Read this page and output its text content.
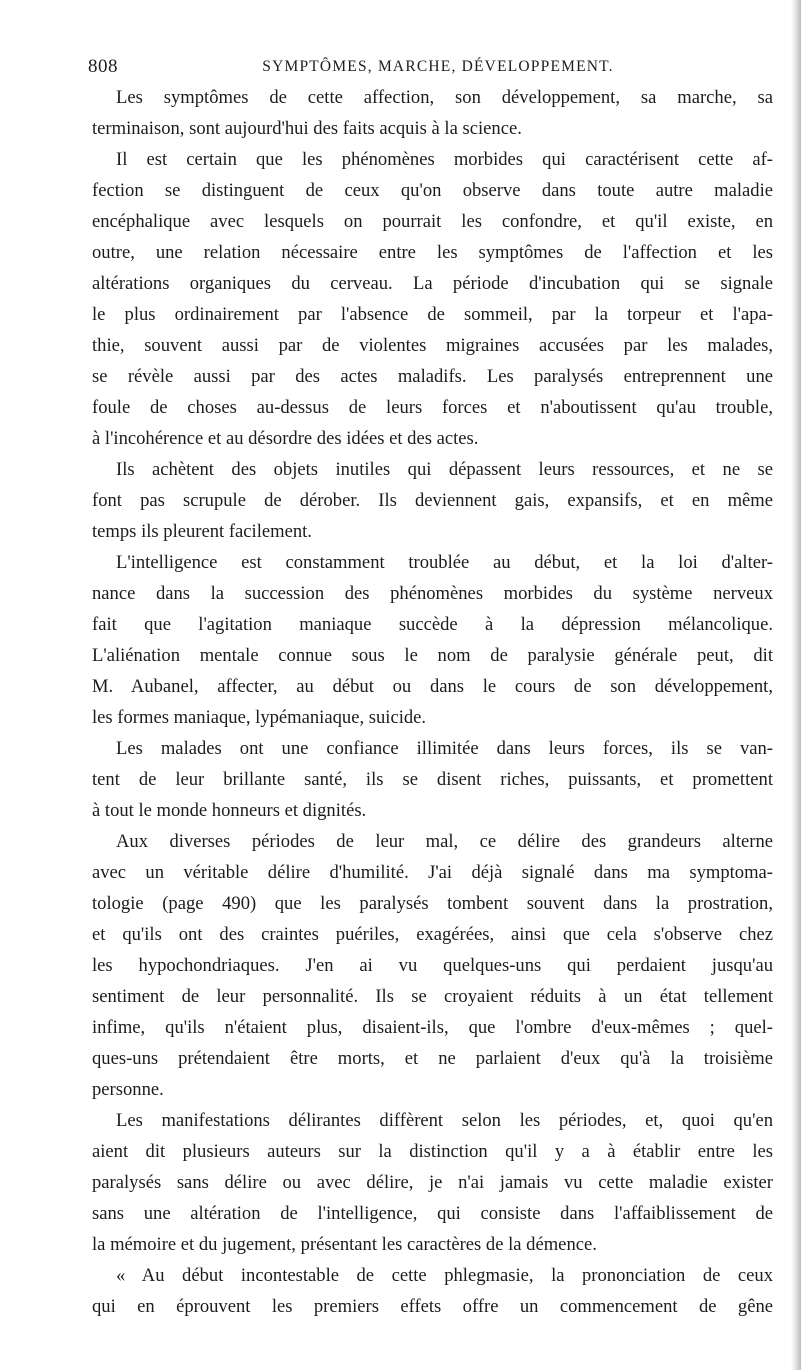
808	SYMPTÔMES, MARCHE, DÉVELOPPEMENT.
Les symptômes de cette affection, son développement, sa marche, sa
terminaison, sont aujourd'hui des faits acquis à la science.
Il est certain que les phénomènes morbides qui caractérisent cette af-
fection se distinguent de ceux qu'on observe dans toute autre maladie
encéphalique avec lesquels on pourrait les confondre, et qu'il existe, en
outre, une relation nécessaire entre les symptômes de l'affection et les
altérations organiques du cerveau. La période d'incubation qui se signale
le plus ordinairement par l'absence de sommeil, par la torpeur et l'apa-
thie, souvent aussi par de violentes migraines accusées par les malades,
se révèle aussi par des actes maladifs. Les paralysés entreprennent une
foule de choses au-dessus de leurs forces et n'aboutissent qu'au trouble,
à l'incohérence et au désordre des idées et des actes.
Ils achètent des objets inutiles qui dépassent leurs ressources, et ne se
font pas scrupule de dérober. Ils deviennent gais, expansifs, et en même
temps ils pleurent facilement.
L'intelligence est constamment troublée au début, et la loi d'alter-
nance dans la succession des phénomènes morbides du système nerveux
fait que l'agitation maniaque succède à la dépression mélancolique.
L'aliénation mentale connue sous le nom de paralysie générale peut, dit
M. Aubanel, affecter, au début ou dans le cours de son développement,
les formes maniaque, lypémaniaque, suicide.
Les malades ont une confiance illimitée dans leurs forces, ils se van-
tent de leur brillante santé, ils se disent riches, puissants, et promettent
à tout le monde honneurs et dignités.
Aux diverses périodes de leur mal, ce délire des grandeurs alterne
avec un véritable délire d'humilité. J'ai déjà signalé dans ma symptoma-
tologie (page 490) que les paralysés tombent souvent dans la prostration,
et qu'ils ont des craintes puériles, exagérées, ainsi que cela s'observe chez
les hypochondriaques. J'en ai vu quelques-uns qui perdaient jusqu'au
sentiment de leur personnalité. Ils se croyaient réduits à un état tellement
infime, qu'ils n'étaient plus, disaient-ils, que l'ombre d'eux-mêmes ; quel-
ques-uns prétendaient être morts, et ne parlaient d'eux qu'à la troisième
personne.
Les manifestations délirantes diffèrent selon les périodes, et, quoi qu'en
aient dit plusieurs auteurs sur la distinction qu'il y a à établir entre les
paralysés sans délire ou avec délire, je n'ai jamais vu cette maladie exister
sans une altération de l'intelligence, qui consiste dans l'affaiblissement de
la mémoire et du jugement, présentant les caractères de la démence.
« Au début incontestable de cette phlegmasie, la prononciation de ceux
qui en éprouvent les premiers effets offre un commencement de gêne
